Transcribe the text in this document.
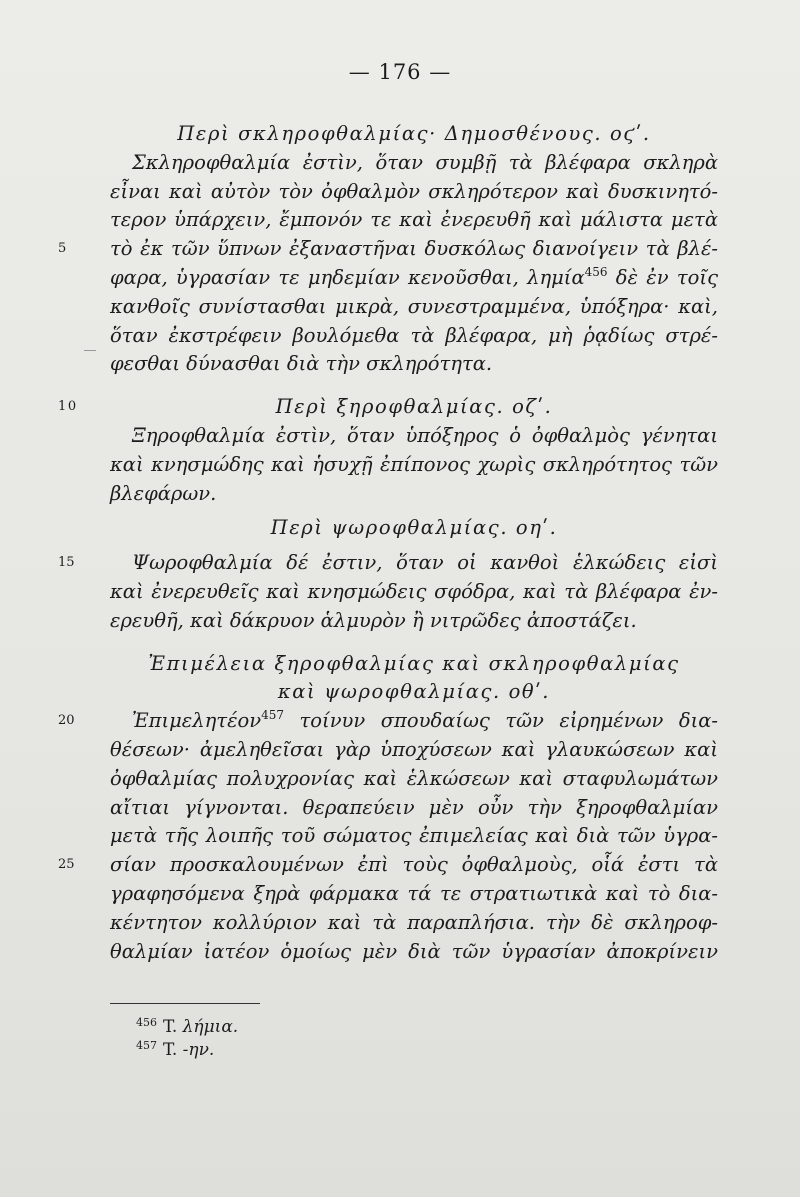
— 176 —
Περὶ σκληροφθαλμίας· Δημοσθένους. οϛʹ.
Σκληροφθαλμία ἐστὶν, ὅταν συμβῇ τὰ βλέφαρα σκληρὰ
εἶναι καὶ αὐτὸν τὸν ὀφθαλμὸν σκληρότερον καὶ δυσκινητό-
τερον ὑπάρχειν, ἔμπονόν τε καὶ ἐνερευθῆ καὶ μάλιστα μετὰ
5	τὸ ἐκ τῶν ὕπνων ἐξαναστῆναι δυσκόλως διανοίγειν τὰ βλέ-
φαρα, ὑγρασίαν τε μηδεμίαν κενοῦσθαι, λημία$^{456}$ δὲ ἐν τοῖς
κανθοῖς συνίστασθαι μικρὰ, συνεστραμμένα, ὑπόξηρα· καὶ,
ὅταν ἐκστρέφειν βουλόμεθα τὰ βλέφαρα, μὴ ῥᾳδίως στρέ-
φεσθαι δύνασθαι διὰ τὴν σκληρότητα.
10	Περὶ ξηροφθαλμίας. οζʹ.
Ξηροφθαλμία ἐστὶν, ὅταν ὑπόξηρος ὁ ὀφθαλμὸς γένηται
καὶ κνησμώδης καὶ ἡσυχῇ ἐπίπονος χωρὶς σκληρότητος τῶν
βλεφάρων.
Περὶ ψωροφθαλμίας. οηʹ.
15	Ψωροφθαλμία δέ ἐστιν, ὅταν οἱ κανθοὶ ἑλκώδεις εἰσὶ
καὶ ἐνερευθεῖς καὶ κνησμώδεις σφόδρα, καὶ τὰ βλέφαρα ἐν-
ερευθῆ, καὶ δάκρυον ἁλμυρὸν ἢ νιτρῶδες ἀποστάζει.
Ἐπιμέλεια ξηροφθαλμίας καὶ σκληροφθαλμίας
καὶ ψωροφθαλμίας. οθʹ.
20	Ἐπιμελητέον$^{457}$ τοίνυν σπουδαίως τῶν εἰρημένων δια-
θέσεων· ἀμεληθεῖσαι γὰρ ὑποχύσεων καὶ γλαυκώσεων καὶ
ὀφθαλμίας πολυχρονίας καὶ ἑλκώσεων καὶ σταφυλωμάτων
αἴτιαι γίγνονται. θεραπεύειν μὲν οὖν τὴν ξηροφθαλμίαν
μετὰ τῆς λοιπῆς τοῦ σώματος ἐπιμελείας καὶ διὰ τῶν ὑγρα-
25	σίαν προσκαλουμένων ἐπὶ τοὺς ὀφθαλμοὺς, οἷά ἐστι τὰ
γραφησόμενα ξηρὰ φάρμακα τά τε στρατιωτικὰ καὶ τὸ δια-
κέντητον κολλύριον καὶ τὰ παραπλήσια. τὴν δὲ σκληροφ-
θαλμίαν ἰατέον ὁμοίως μὲν διὰ τῶν ὑγρασίαν ἀποκρίνειν
$^{456}$ T. λήμια.
$^{457}$ T. -ην.
